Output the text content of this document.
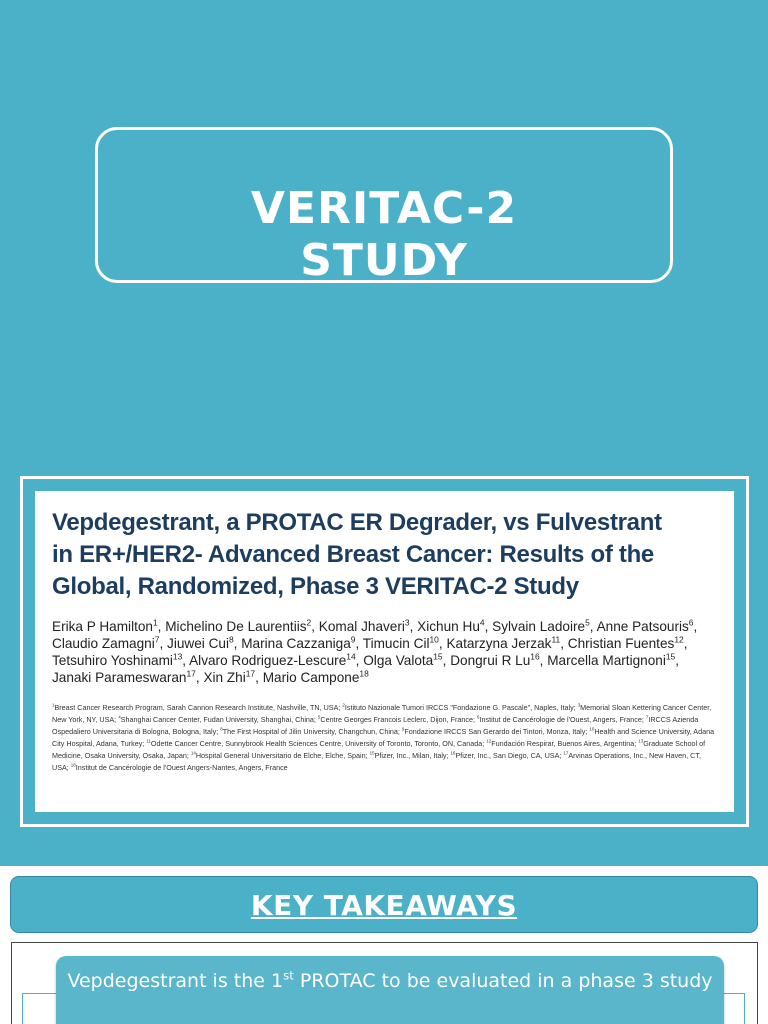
VERITAC-2
STUDY
Vepdegestrant, a PROTAC ER Degrader, vs Fulvestrant
in ER+/HER2- Advanced Breast Cancer: Results of the
Global, Randomized, Phase 3 VERITAC-2 Study
Erika P Hamilton$^1$, Michelino De Laurentiis$^2$, Komal Jhaveri$^3$, Xichun Hu$^4$, Sylvain Ladoire$^5$, Anne Patsouris$^6$, Claudio Zamagni$^7$, Jiuwei Cui$^8$, Marina Cazzaniga$^9$, Timucin Cil$^{10}$, Katarzyna Jerzak$^{11}$, Christian Fuentes$^{12}$, Tetsuhiro Yoshinami$^{13}$, Alvaro Rodriguez-Lescure$^{14}$, Olga Valota$^{15}$, Dongrui R Lu$^{16}$, Marcella Martignoni$^{15}$, Janaki Parameswaran$^{17}$, Xin Zhi$^{17}$, Mario Campone$^{18}$
$^1$Breast Cancer Research Program, Sarah Cannon Research Institute, Nashville, TN, USA; $^2$Istituto Nazionale Tumori IRCCS "Fondazione G. Pascale", Naples, Italy; $^3$Memorial Sloan Kettering Cancer Center, New York, NY, USA; $^4$Shanghai Cancer Center, Fudan University, Shanghai, China; $^5$Centre Georges Francois Leclerc, Dijon, France; $^6$Institut de Cancérologie de l'Ouest, Angers, France; $^7$IRCCS Azienda Ospedaliero Universitaria di Bologna, Bologna, Italy; $^8$The First Hospital of Jilin University, Changchun, China; $^9$Fondazione IRCCS San Gerardo dei Tintori, Monza, Italy; $^{10}$Health and Science University, Adana City Hospital, Adana, Turkey; $^{11}$Odette Cancer Centre, Sunnybrook Health Sciences Centre, University of Toronto, Toronto, ON, Canada; $^{12}$Fundación Respirar, Buenos Aires, Argentina; $^{13}$Graduate School of Medicine, Osaka University, Osaka, Japan; $^{14}$Hospital General Universitario de Elche, Elche, Spain; $^{15}$Pfizer, Inc., Milan, Italy; $^{16}$Pfizer, Inc., San Diego, CA, USA; $^{17}$Arvinas Operations, Inc., New Haven, CT, USA; $^{18}$Institut de Cancérologie de l'Ouest Angers-Nantes, Angers, France
KEY TAKEAWAYS
Vepdegestrant is the 1st PROTAC to be evaluated in a phase 3 study
